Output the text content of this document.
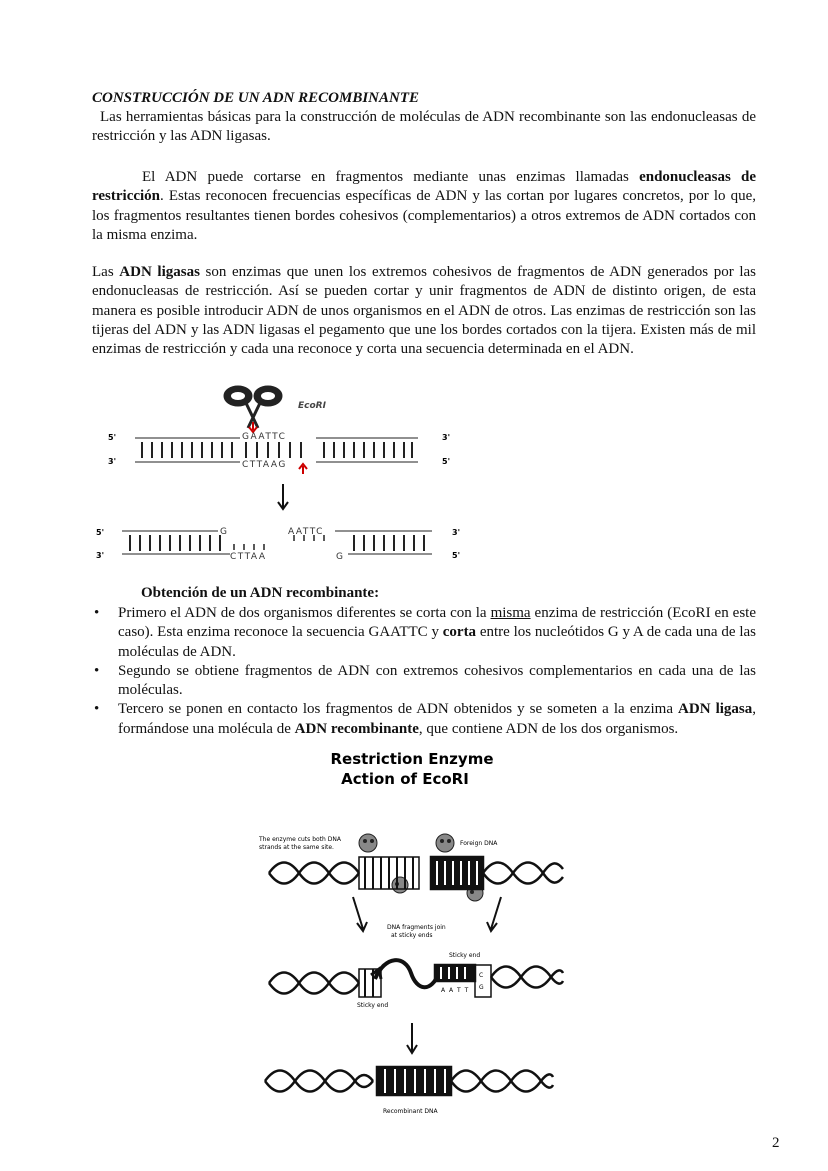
CONSTRUCCIÓN DE UN ADN RECOMBINANTE

Las herramientas básicas para la construcción de moléculas de ADN recombinante son las endonucleasas de restricción y las ADN ligasas.

El ADN puede cortarse en fragmentos mediante unas enzimas llamadas endonucleasas de restricción. Estas reconocen frecuencias específicas de ADN y las cortan por lugares concretos, por lo que, los fragmentos resultantes tienen bordes cohesivos (complementarios) a otros extremos de ADN cortados con la misma enzima.

Las ADN ligasas son enzimas que unen los extremos cohesivos de fragmentos de ADN generados por las endonucleasas de restricción. Así se pueden cortar y unir fragmentos de ADN de distinto origen, de esta manera es posible introducir ADN de unos organismos en el ADN de otros. Las enzimas de restricción son las tijeras del ADN y las ADN ligasas el pegamento que une los bordes cortados con la tijera. Existen más de mil enzimas de restricción y cada una reconoce y corta una secuencia determinada en el ADN.

EcoRI
5'
3'
3'
5'
GAATTC
CTTAAG
5'
3'
3'
5'
G
CTTAA
AATTC
G
Obtención de un ADN recombinante:
• Primero el ADN de dos organismos diferentes se corta con la misma enzima de restricción (EcoRI en este caso). Esta enzima reconoce la secuencia GAATTC y corta entre los nucleótidos G y A de cada una de las moléculas de ADN.
• Segundo se obtiene fragmentos de ADN con extremos cohesivos complementarios en cada una de las moléculas.
• Tercero se ponen en contacto los fragmentos de ADN obtenidos y se someten a la enzima ADN ligasa, formándose una molécula de ADN recombinante, que contiene ADN de los dos organismos.
Restriction Enzyme
Action of EcoRI
The enzyme cuts both DNA
strands at the same site.
Foreign DNA
DNA fragments join
at sticky ends
Sticky end
A A T T
C
G
Sticky end
Recombinant DNA
2
